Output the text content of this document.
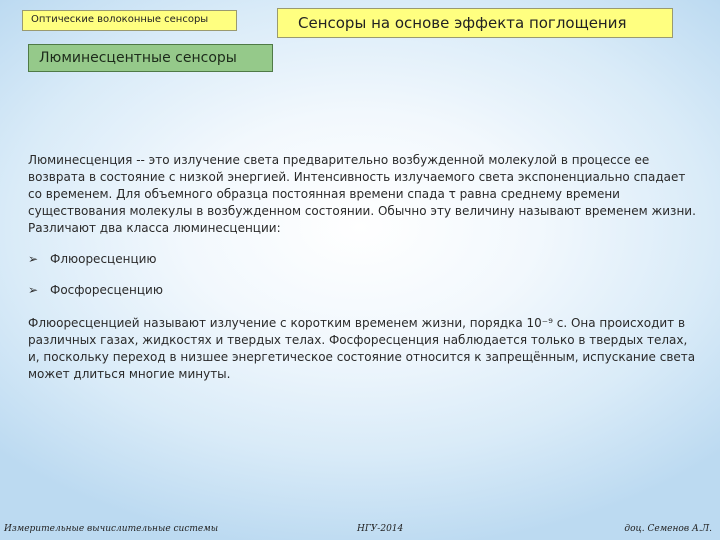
Оптические волоконные сенсоры	Сенсоры на основе эффекта поглощения
Люминесцентные сенсоры

Люминесценция -- это излучение света предварительно возбужденной молекулой в процессе ее возврата в состояние с низкой энергией. Интенсивность излучаемого света экспоненциально спадает со временем. Для объемного образца постоянная времени спада τ равна среднему времени существования молекулы в возбужденном состоянии. Обычно эту величину называют временем жизни. Различают два класса люминесценции:

➢ Флюоресценцию
➢ Фосфоресценцию

Флюоресценцией называют излучение с коротким временем жизни, порядка 10⁻⁹ с. Она происходит в различных газах, жидкостях и твердых телах. Фосфоресценция наблюдается только в твердых телах, и, поскольку переход в низшее энергетическое состояние относится к запрещённым, испускание света может длиться многие минуты.

Измерительные вычислительные системы	НГУ-2014	доц. Семенов А.Л.
